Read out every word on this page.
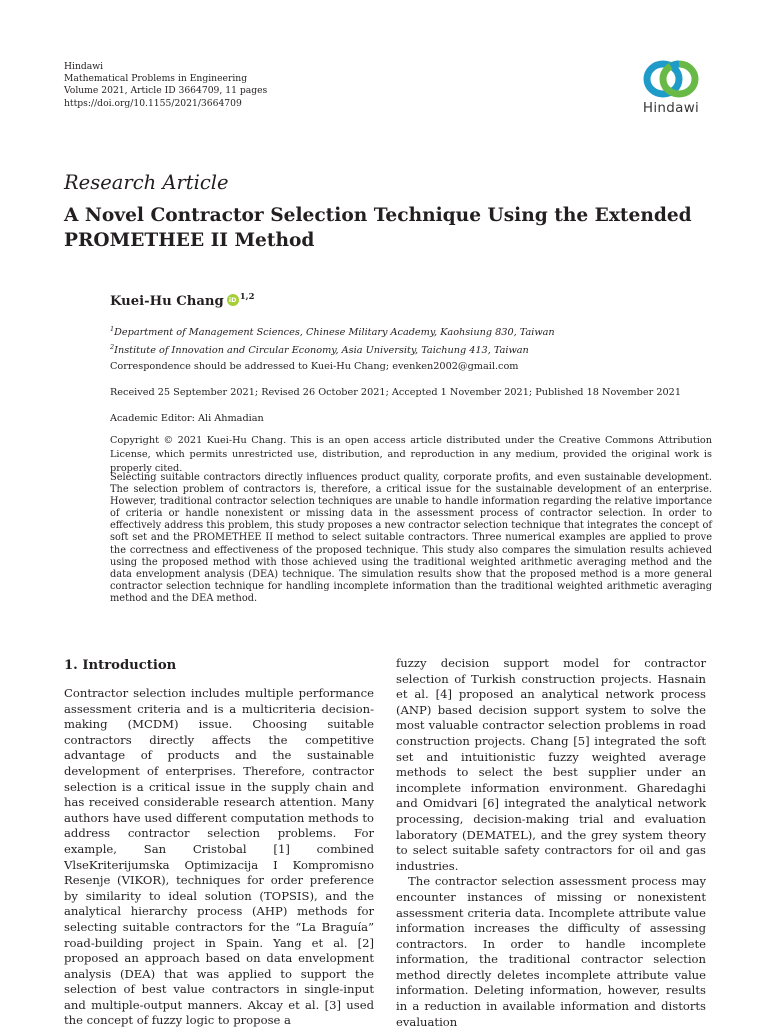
Hindawi
Mathematical Problems in Engineering
Volume 2021, Article ID 3664709, 11 pages
https://doi.org/10.1155/2021/3664709	Hindawi
Research Article
A Novel Contractor Selection Technique Using the Extended PROMETHEE II Method
Kuei-Hu Chang iD $^{1,2}$
$^1$Department of Management Sciences, Chinese Military Academy, Kaohsiung 830, Taiwan
$^2$Institute of Innovation and Circular Economy, Asia University, Taichung 413, Taiwan
Correspondence should be addressed to Kuei-Hu Chang; evenken2002@gmail.com
Received 25 September 2021; Revised 26 October 2021; Accepted 1 November 2021; Published 18 November 2021
Academic Editor: Ali Ahmadian
Copyright © 2021 Kuei-Hu Chang. This is an open access article distributed under the Creative Commons Attribution License, which permits unrestricted use, distribution, and reproduction in any medium, provided the original work is properly cited.
Selecting suitable contractors directly influences product quality, corporate profits, and even sustainable development. The selection problem of contractors is, therefore, a critical issue for the sustainable development of an enterprise. However, traditional contractor selection techniques are unable to handle information regarding the relative importance of criteria or handle nonexistent or missing data in the assessment process of contractor selection. In order to effectively address this problem, this study proposes a new contractor selection technique that integrates the concept of soft set and the PROMETHEE II method to select suitable contractors. Three numerical examples are applied to prove the correctness and effectiveness of the proposed technique. This study also compares the simulation results achieved using the proposed method with those achieved using the traditional weighted arithmetic averaging method and the data envelopment analysis (DEA) technique. The simulation results show that the proposed method is a more general contractor selection technique for handling incomplete information than the traditional weighted arithmetic averaging method and the DEA method.
1. Introduction

Contractor selection includes multiple performance assessment criteria and is a multicriteria decision-making (MCDM) issue. Choosing suitable contractors directly affects the competitive advantage of products and the sustainable development of enterprises. Therefore, contractor selection is a critical issue in the supply chain and has received considerable research attention. Many authors have used different computation methods to address contractor selection problems. For example, San Cristobal [1] combined VlseKriterijumska Optimizacija I Kompromisno Resenje (VIKOR), techniques for order preference by similarity to ideal solution (TOPSIS), and the analytical hierarchy process (AHP) methods for selecting suitable contractors for the “La Braguía” road-building project in Spain. Yang et al. [2] proposed an approach based on data envelopment analysis (DEA) that was applied to support the selection of best value contractors in single-input and multiple-output manners. Akcay et al. [3] used the concept of fuzzy logic to propose a

fuzzy decision support model for contractor selection of Turkish construction projects. Hasnain et al. [4] proposed an analytical network process (ANP) based decision support system to solve the most valuable contractor selection problems in road construction projects. Chang [5] integrated the soft set and intuitionistic fuzzy weighted average methods to select the best supplier under an incomplete information environment. Gharedaghi and Omidvari [6] integrated the analytical network processing, decision-making trial and evaluation laboratory (DEMATEL), and the grey system theory to select suitable safety contractors for oil and gas industries.

The contractor selection assessment process may encounter instances of missing or nonexistent assessment criteria data. Incomplete attribute value information increases the difficulty of assessing contractors. In order to handle incomplete information, the traditional contractor selection method directly deletes incomplete attribute value information. Deleting information, however, results in a reduction in available information and distorts evaluation
